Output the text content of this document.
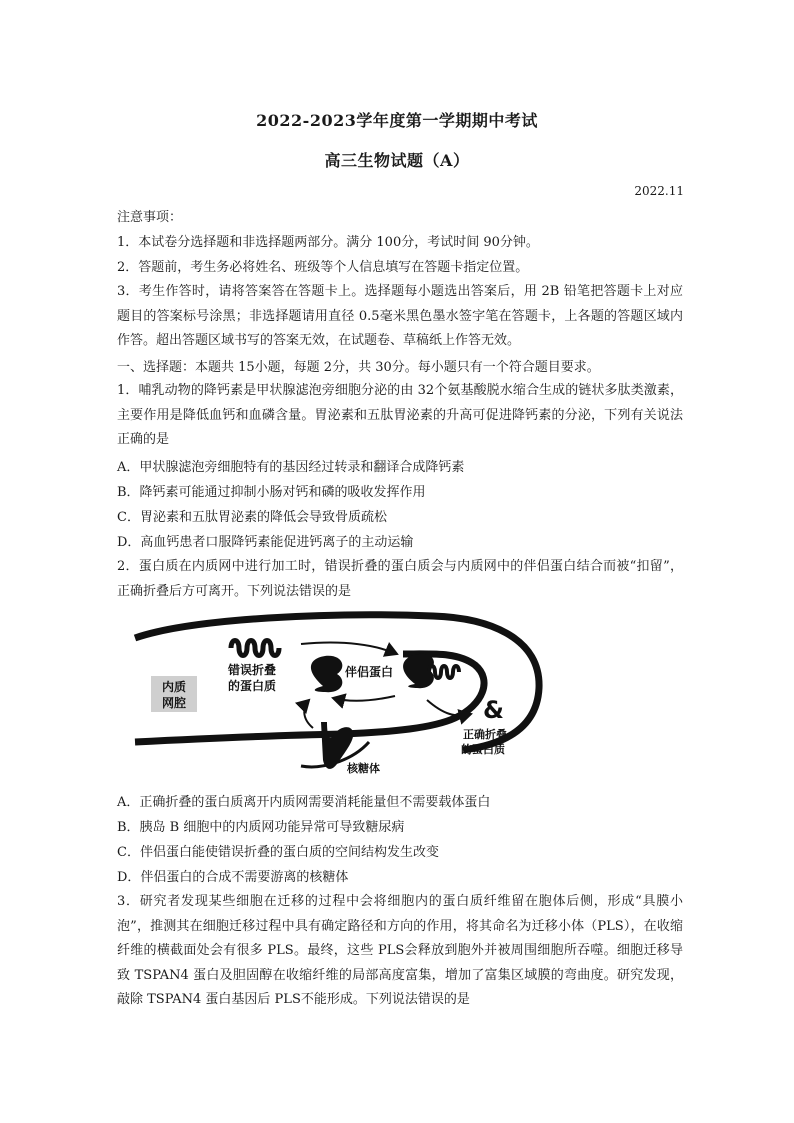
2022-2023学年度第一学期期中考试
高三生物试题（A）
2022.11
注意事项：
1．本试卷分选择题和非选择题两部分。满分 100分，考试时间 90分钟。
2．答题前，考生务必将姓名、班级等个人信息填写在答题卡指定位置。
3．考生作答时，请将答案答在答题卡上。选择题每小题选出答案后，用 2B 铅笔把答题卡上对应题目的答案标号涂黑；非选择题请用直径 0.5毫米黑色墨水签字笔在答题卡，上各题的答题区域内作答。超出答题区域书写的答案无效，在试题卷、草稿纸上作答无效。
一、选择题：本题共 15小题，每题 2分，共 30分。每小题只有一个符合题目要求。
1．哺乳动物的降钙素是甲状腺滤泡旁细胞分泌的由 32个氨基酸脱水缩合生成的链状多肽类激素，主要作用是降低血钙和血磷含量。胃泌素和五肽胃泌素的升高可促进降钙素的分泌，下列有关说法正确的是
A．甲状腺滤泡旁细胞特有的基因经过转录和翻译合成降钙素
B．降钙素可能通过抑制小肠对钙和磷的吸收发挥作用
C．胃泌素和五肽胃泌素的降低会导致骨质疏松
D．高血钙患者口服降钙素能促进钙离子的主动运输
2．蛋白质在内质网中进行加工时，错误折叠的蛋白质会与内质网中的伴侣蛋白结合而被“扣留”，正确折叠后方可离开。下列说法错误的是
内质
网腔
错误折叠
的蛋白质
伴侣蛋白
&
正确折叠
的蛋白质
核糖体
A．正确折叠的蛋白质离开内质网需要消耗能量但不需要载体蛋白
B．胰岛 B 细胞中的内质网功能异常可导致糖尿病
C．伴侣蛋白能使错误折叠的蛋白质的空间结构发生改变
D．伴侣蛋白的合成不需要游离的核糖体
3．研究者发现某些细胞在迁移的过程中会将细胞内的蛋白质纤维留在胞体后侧，形成“具膜小泡”，推测其在细胞迁移过程中具有确定路径和方向的作用，将其命名为迁移小体（PLS），在收缩纤维的横截面处会有很多 PLS。最终，这些 PLS会释放到胞外并被周围细胞所吞噬。细胞迁移导致 TSPAN4 蛋白及胆固醇在收缩纤维的局部高度富集，增加了富集区域膜的弯曲度。研究发现，敲除 TSPAN4 蛋白基因后 PLS不能形成。下列说法错误的是
